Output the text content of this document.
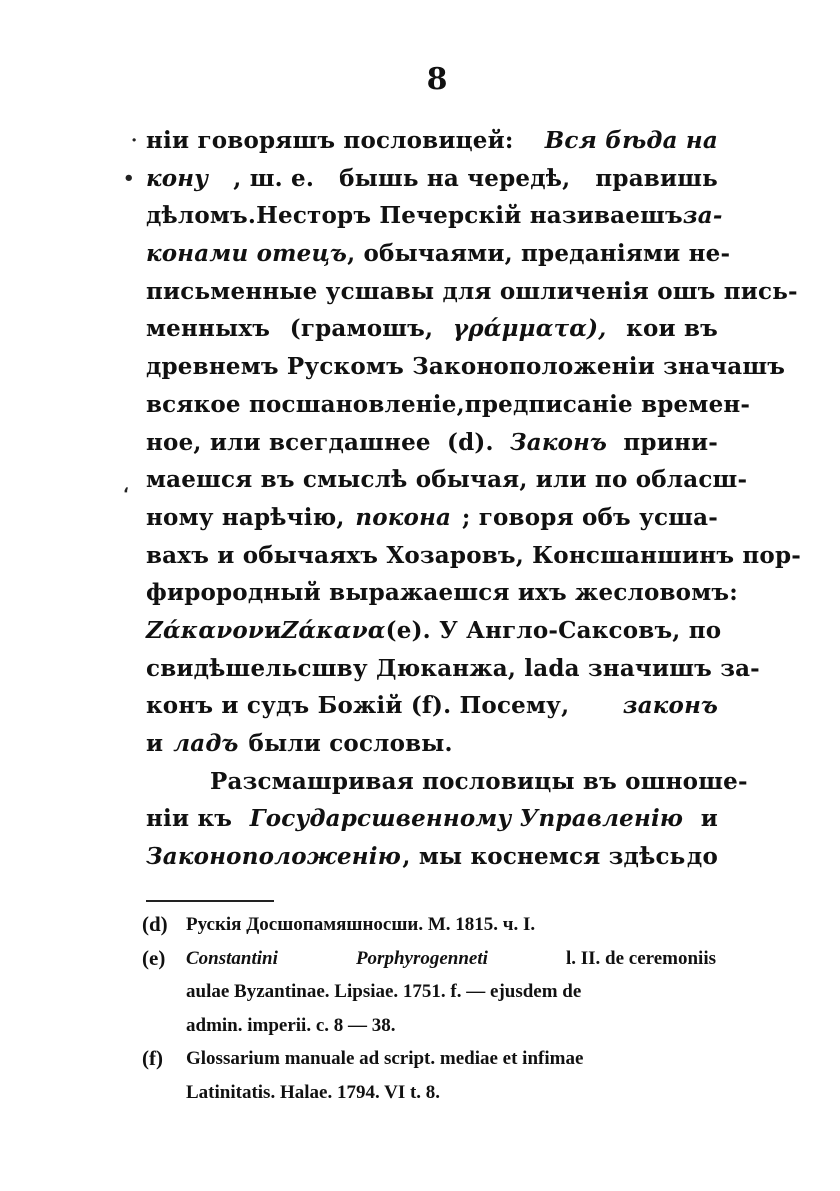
8
·
•
،
ніи говоряшъ пословицей: Вся бѣда на
кону , ш. е. бышь на чередѣ, правишь
дѣломъ. Несторъ Печерскій називаешъ за-
конами отецъ , обычаями, преданіями не-
письменные усшавы для ошличенія ошъ пись-
менныхъ (грамошъ, γράμματα), кои въ
древнемъ Рускомъ Законоположеніи значашъ
всякое посшановленіе, предписаніе времен-
ное, или всегдашнее (d). Законъ прини-
маешся въ смыслѣ обычая, или по обласш-
ному нарѣчію, покона ; говоря объ усша-
вахъ и обычаяхъ Хозаровъ, Консшаншинъ пор-
фирородный выражаешся ихъ же словомъ:
Ζάκανον и Ζάκανα (e). У Англо-Саксовъ, по
свидѣшельсшву Дюканжа, lada значишъ за-
конъ и судъ Божій (f). Посему, законъ
и ладъ были сословы.
Разсмашривая пословицы въ ошноше-
ніи къ Государсшвенному Управленію и
Законоположенію , мы коснемся здѣсь до
(d) Рускія Досшопамяшносши. М. 1815. ч. I.
(e)	Constantini	Porphyrogenneti	l. II. de ceremoniis
aulae Byzantinae. Lipsiae. 1751. f. — ejusdem de
admin. imperii. c. 8 — 38.
(f)	Glossarium manuale ad script. mediae et infimae
Latinitatis. Halae. 1794. VI t. 8.
